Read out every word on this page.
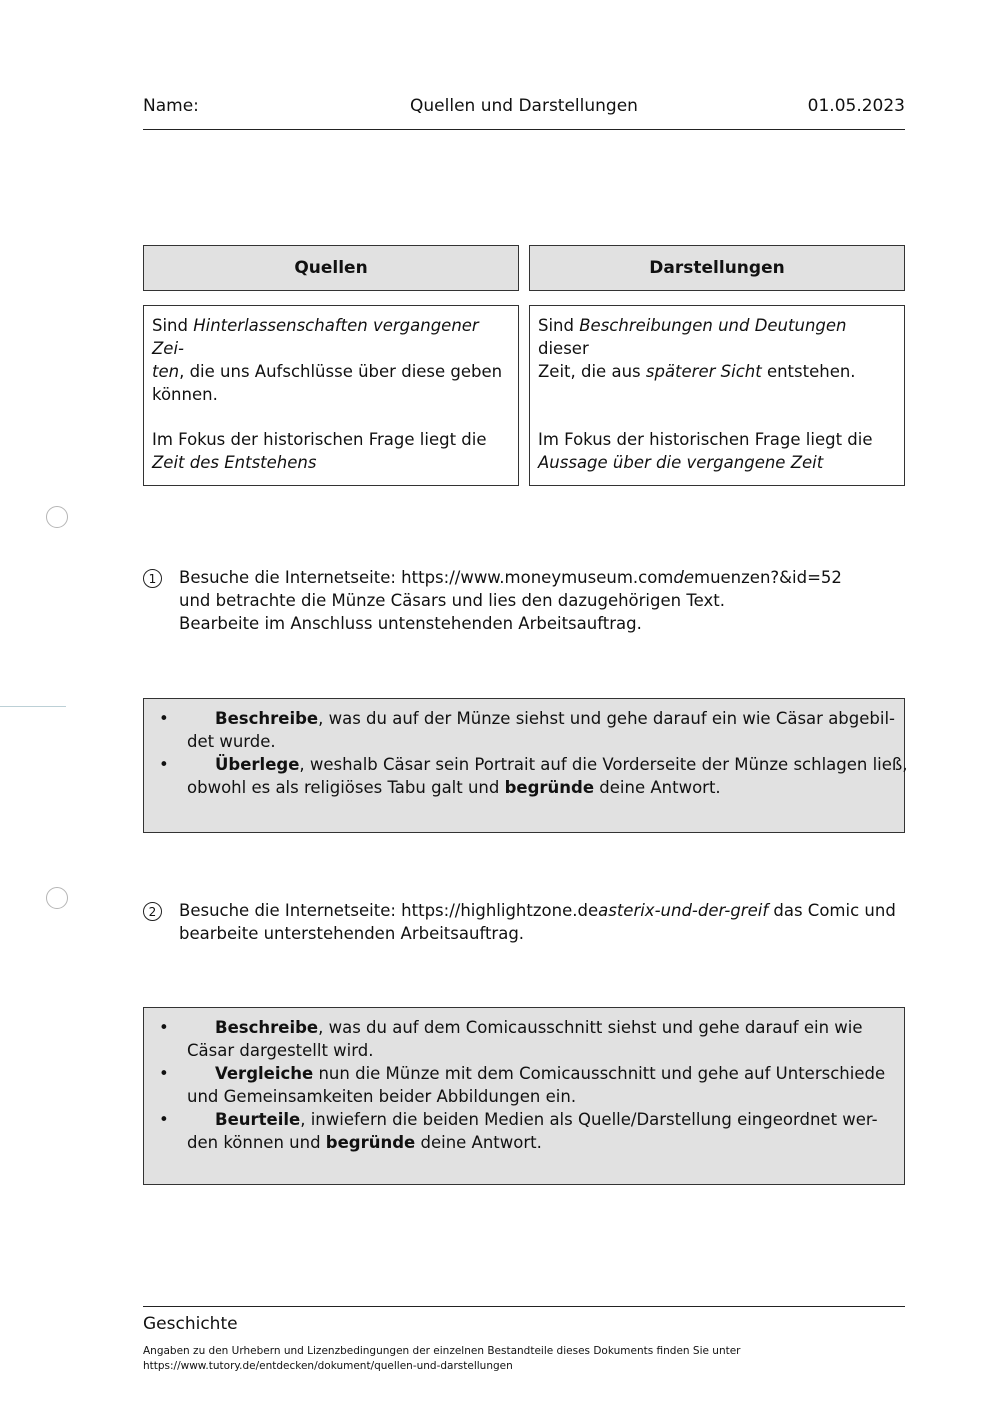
Name:	Quellen und Darstellungen	01.05.2023
Quellen	Darstellungen

Sind Hinterlassenschaften vergangener Zei-
ten, die uns Aufschlüsse über diese geben
können.

Im Fokus der historischen Frage liegt die
Zeit des Entstehens

Sind Beschreibungen und Deutungen dieser
Zeit, die aus späterer Sicht entstehen.

Im Fokus der historischen Frage liegt die
Aussage über die vergangene Zeit

1	Besuche die Internetseite: https://www.moneymuseum.comdemuenzen?&id=52
und betrachte die Münze Cäsars und lies den dazugehörigen Text.
Bearbeite im Anschluss untenstehenden Arbeitsauftrag.
•	Beschreibe, was du auf der Münze siehst und gehe darauf ein wie Cäsar abgebil-
det wurde.
•	Überlege, weshalb Cäsar sein Portrait auf die Vorderseite der Münze schlagen ließ,
obwohl es als religiöses Tabu galt und begründe deine Antwort.
2	Besuche die Internetseite: https://highlightzone.deasterix-und-der-greif das Comic und
bearbeite unterstehenden Arbeitsauftrag.
•	Beschreibe, was du auf dem Comicausschnitt siehst und gehe darauf ein wie
Cäsar dargestellt wird.
•	Vergleiche nun die Münze mit dem Comicausschnitt und gehe auf Unterschiede
und Gemeinsamkeiten beider Abbildungen ein.
•	Beurteile, inwiefern die beiden Medien als Quelle/Darstellung eingeordnet wer-
den können und begründe deine Antwort.
Geschichte
Angaben zu den Urhebern und Lizenzbedingungen der einzelnen Bestandteile dieses Dokuments finden Sie unter
https://www.tutory.de/entdecken/dokument/quellen-und-darstellungen
